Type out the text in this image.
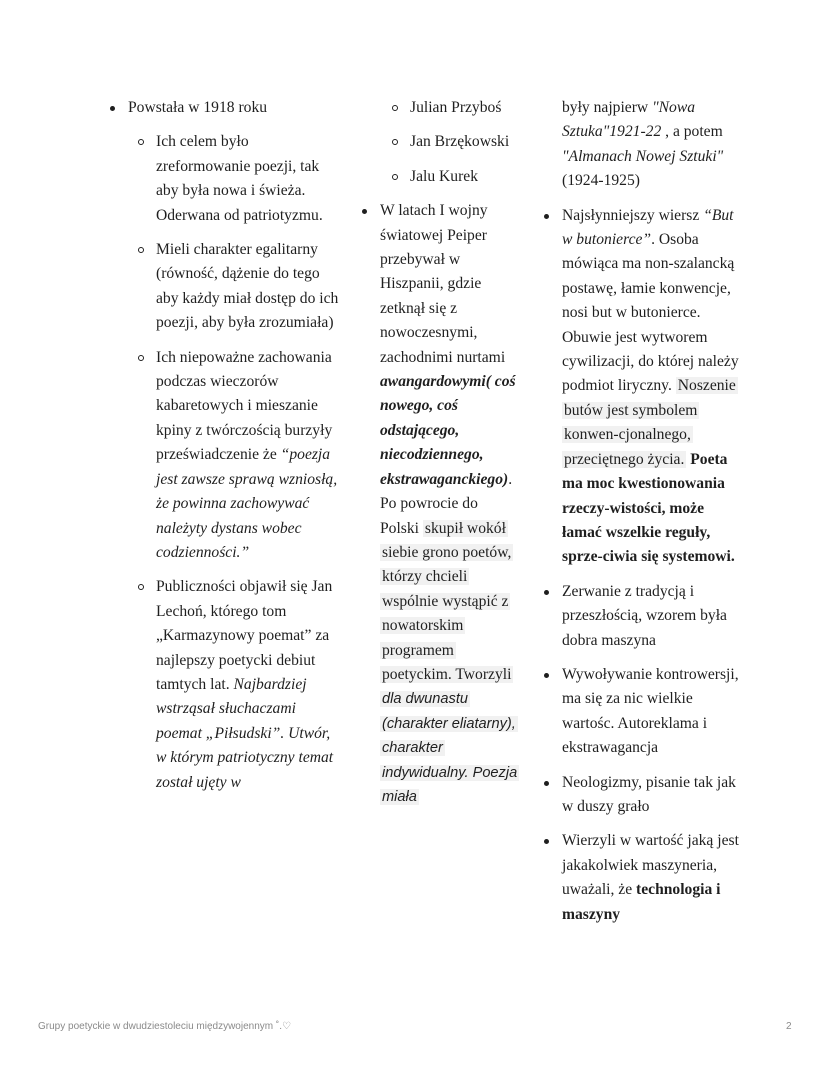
Powstała w 1918 roku
Ich celem było zreformowanie poezji, tak aby była nowa i świeża. Oderwana od patriotyzmu.
Mieli charakter egalitarny (równość, dążenie do tego aby każdy miał dostęp do ich poezji, aby była zrozumiała)
Ich niepoważne zachowania podczas wieczorów kabaretowych i mieszanie kpiny z twórczością burzyły przeświadczenie że “poezja jest zawsze sprawą wzniosłą, że powinna zachowywać należyty dystans wobec codzienności.”
Publiczności objawił się Jan Lechoń, którego tom „Karmazynowy poemat” za najlepszy poetycki debiut tamtych lat. Najbardziej wstrząsał słuchaczami poemat „Piłsudski”. Utwór, w którym patriotyczny temat został ujęty w
Julian Przyboś
Jan Brzękowski
Jalu Kurek
W latach I wojny światowej Peiper przebywał w Hiszpanii, gdzie zetknął się z nowoczesnymi, zachodnimi nurtami awangardowymi( coś nowego, coś odstającego, niecodziennego, ekstrawaganckiego). Po powrocie do Polski skupił wokół siebie grono poetów, którzy chcieli wspólnie wystąpić z nowatorskim programem poetyckim. Tworzyli dla dwunastu (charakter eliatarny), charakter indywidualny. Poezja miała
były najpierw "Nowa Sztuka"1921-22 , a potem "Almanach Nowej Sztuki" (1924-1925)
Najsłynniejszy wiersz “But w butonierce”. Osoba mówiąca ma non-szalancką postawę, łamie konwencje, nosi but w butonierce. Obuwie jest wytworem cywilizacji, do której należy podmiot liryczny. Noszenie butów jest symbolem konwen-cjonalnego, przeciętnego życia. Poeta ma moc kwestionowania rzeczy-wistości, może łamać wszelkie reguły, sprze-ciwia się systemowi.
Zerwanie z tradycją i przeszłością, wzorem była dobra maszyna
Wywoływanie kontrowersji, ma się za nic wielkie wartośc. Autoreklama i ekstrawagancja
Neologizmy, pisanie tak jak w duszy grało
Wierzyli w wartość jaką jest jakakolwiek maszyneria, uważali, że technologia i maszyny
Grupy poetyckie w dwudziestoleciu międzywojennym ˚.♡	2
